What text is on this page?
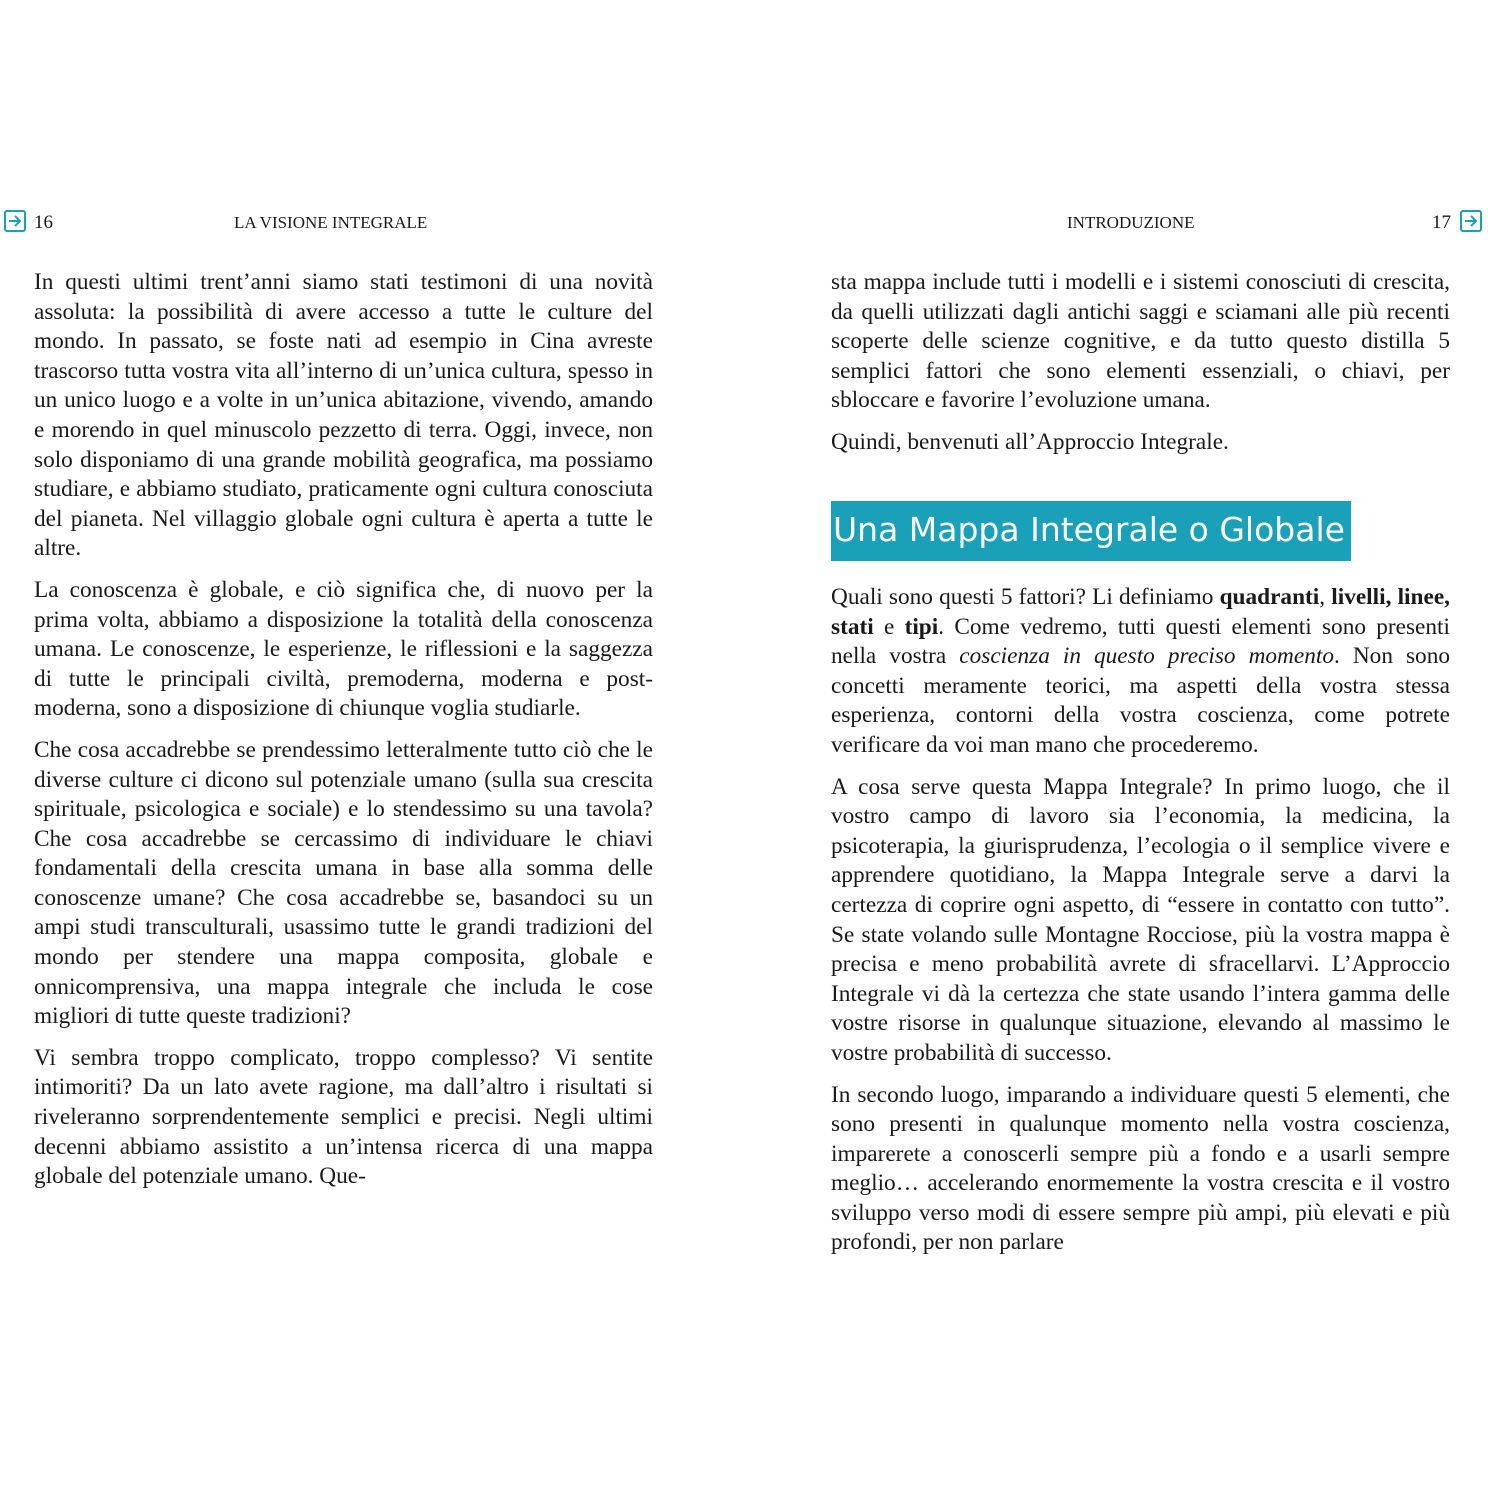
16	LA VISIONE INTEGRALE

In questi ultimi trent’anni siamo stati testimoni di una novità assoluta: la possibilità di avere accesso a tutte le culture del mondo. In passato, se foste nati ad esempio in Cina avreste trascorso tutta vostra vita all’interno di un’unica cultura, spesso in un unico luogo e a volte in un’unica abitazione, vivendo, amando e morendo in quel minuscolo pezzetto di terra. Oggi, invece, non solo disponiamo di una grande mobilità geografica, ma possiamo studiare, e abbiamo studiato, praticamente ogni cultura conosciuta del pianeta. Nel villaggio globale ogni cultura è aperta a tutte le altre.

La conoscenza è globale, e ciò significa che, di nuovo per la prima volta, abbiamo a disposizione la totalità della conoscenza umana. Le conoscenze, le esperienze, le riflessioni e la saggezza di tutte le principali civiltà, premoderna, moderna e post-moderna, sono a disposizione di chiunque voglia studiarle.

Che cosa accadrebbe se prendessimo letteralmente tutto ciò che le diverse culture ci dicono sul potenziale umano (sulla sua crescita spirituale, psicologica e sociale) e lo stendessimo su una tavola? Che cosa accadrebbe se cercassimo di individuare le chiavi fondamentali della crescita umana in base alla somma delle conoscenze umane? Che cosa accadrebbe se, basandoci su un ampi studi transculturali, usassimo tutte le grandi tradizioni del mondo per stendere una mappa composita, globale e onnicomprensiva, una mappa integrale che includa le cose migliori di tutte queste tradizioni?

Vi sembra troppo complicato, troppo complesso? Vi sentite intimoriti? Da un lato avete ragione, ma dall’altro i risultati si riveleranno sorprendentemente semplici e precisi. Negli ultimi decenni abbiamo assistito a un’intensa ricerca di una mappa globale del potenziale umano. Que-

INTRODUZIONE	17

sta mappa include tutti i modelli e i sistemi conosciuti di crescita, da quelli utilizzati dagli antichi saggi e sciamani alle più recenti scoperte delle scienze cognitive, e da tutto questo distilla 5 semplici fattori che sono elementi essenziali, o chiavi, per sbloccare e favorire l’evoluzione umana.

Quindi, benvenuti all’Approccio Integrale.

Quali sono questi 5 fattori? Li definiamo quadranti, livelli, linee, stati e tipi. Come vedremo, tutti questi elementi sono presenti nella vostra coscienza in questo preciso momento. Non sono concetti meramente teorici, ma aspetti della vostra stessa esperienza, contorni della vostra coscienza, come potrete verificare da voi man mano che procederemo.

A cosa serve questa Mappa Integrale? In primo luogo, che il vostro campo di lavoro sia l’economia, la medicina, la psicoterapia, la giurisprudenza, l’ecologia o il semplice vivere e apprendere quotidiano, la Mappa Integrale serve a darvi la certezza di coprire ogni aspetto, di “essere in contatto con tutto”. Se state volando sulle Montagne Rocciose, più la vostra mappa è precisa e meno probabilità avrete di sfracellarvi. L’Approccio Integrale vi dà la certezza che state usando l’intera gamma delle vostre risorse in qualunque situazione, elevando al massimo le vostre probabilità di successo.

In secondo luogo, imparando a individuare questi 5 elementi, che sono presenti in qualunque momento nella vostra coscienza, imparerete a conoscerli sempre più a fondo e a usarli sempre meglio… accelerando enormemente la vostra crescita e il vostro sviluppo verso modi di essere sempre più ampi, più elevati e più profondi, per non parlare

Una Mappa Integrale o Globale
